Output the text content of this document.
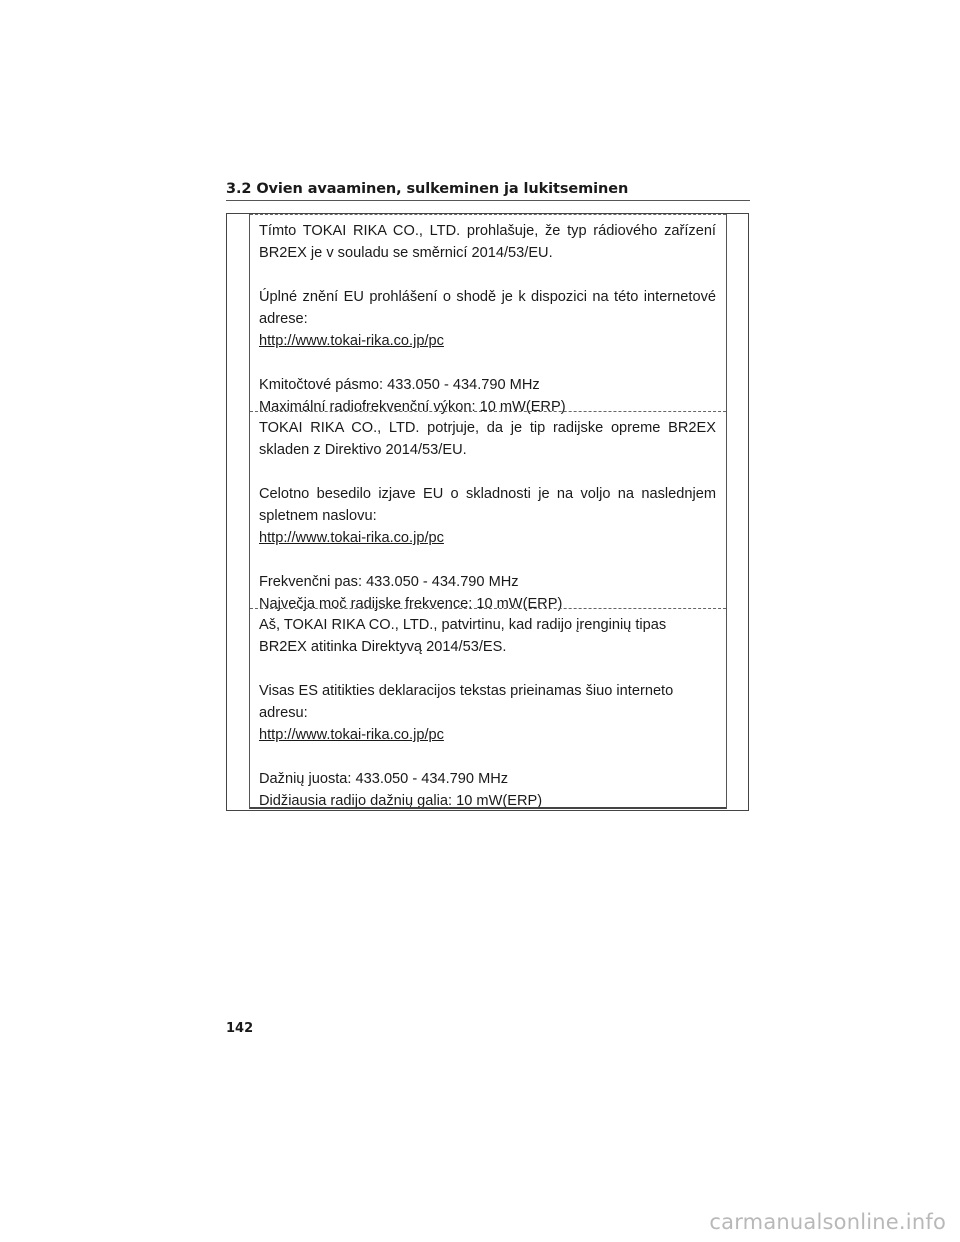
3.2 Ovien avaaminen, sulkeminen ja lukitseminen
Tímto TOKAI RIKA CO., LTD. prohlašuje, že typ rádiového zařízení
BR2EX je v souladu se směrnicí 2014/53/EU.
Úplné znění EU prohlášení o shodě je k dispozici na této internetové
adrese:
http://www.tokai-rika.co.jp/pc
Kmitočtové pásmo: 433.050 - 434.790 MHz
Maximální radiofrekvenční výkon: 10 mW(ERP)
TOKAI RIKA CO., LTD. potrjuje, da je tip radijske opreme BR2EX
skladen z Direktivo 2014/53/EU.
Celotno besedilo izjave EU o skladnosti je na voljo na naslednjem
spletnem naslovu:
http://www.tokai-rika.co.jp/pc
Frekvenčni pas: 433.050 - 434.790 MHz
Največja moč radijske frekvence: 10 mW(ERP)
Aš, TOKAI RIKA CO., LTD., patvirtinu, kad radijo įrenginių tipas
BR2EX atitinka Direktyvą 2014/53/ES.
Visas ES atitikties deklaracijos tekstas prieinamas šiuo interneto
adresu:
http://www.tokai-rika.co.jp/pc
Dažnių juosta: 433.050 - 434.790 MHz
Didžiausia radijo dažnių galia: 10 mW(ERP)
142
carmanualsonline.info
